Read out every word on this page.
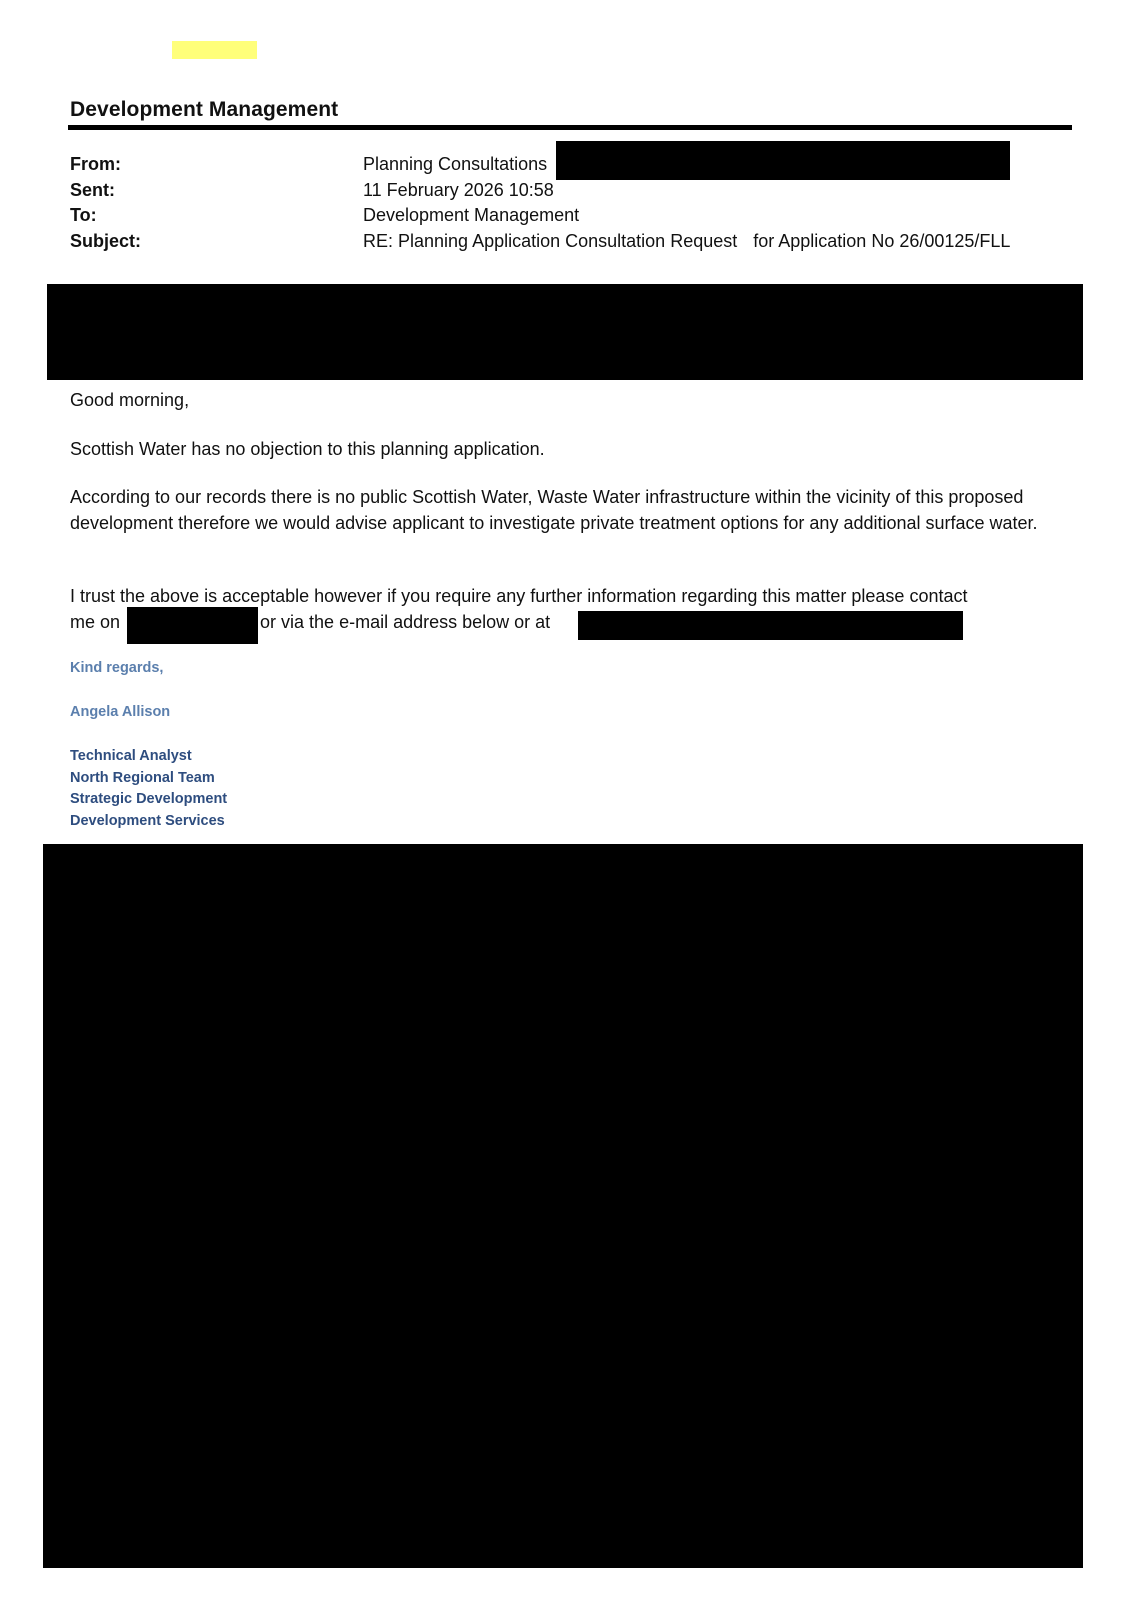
Development Management
From:	Planning Consultations
Sent:	11 February 2026 10:58
To:	Development Management
Subject:	RE: Planning Application Consultation Request for Application No 26/00125/FLL
Good morning,
Scottish Water has no objection to this planning application.
According to our records there is no public Scottish Water, Waste Water infrastructure within the vicinity of this proposed development therefore we would advise applicant to investigate private treatment options for any additional surface water.
I trust the above is acceptable however if you require any further information regarding this matter please contact
me on	or via the e-mail address below or at
Kind regards,
Angela Allison
Technical Analyst
North Regional Team
Strategic Development
Development Services
